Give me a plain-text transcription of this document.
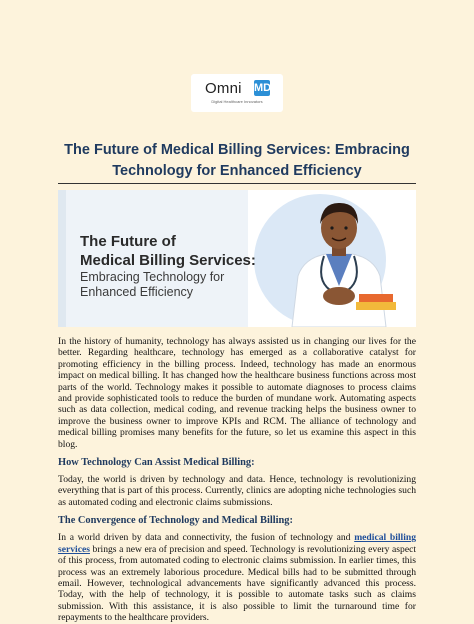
Omni MD
Digital Healthcare Innovators
The Future of Medical Billing Services: Embracing
Technology for Enhanced Efficiency
The Future of
Medical Billing Services:
Embracing Technology for
Enhanced Efficiency

In the history of humanity, technology has always assisted us in changing our lives for the better. Regarding healthcare, technology has emerged as a collaborative catalyst for promoting efficiency in the billing process. Indeed, technology has made an enormous impact on medical billing. It has changed how the healthcare business functions across most parts of the world. Technology makes it possible to automate diagnoses to process claims and provide sophisticated tools to reduce the burden of mundane work. Automating aspects such as data collection, medical coding, and revenue tracking helps the business owner to improve the business owner to improve KPIs and RCM. The alliance of technology and medical billing promises many benefits for the future, so let us examine this aspect in this blog.

How Technology Can Assist Medical Billing:

Today, the world is driven by technology and data. Hence, technology is revolutionizing everything that is part of this process. Currently, clinics are adopting niche technologies such as automated coding and electronic claims submissions.

The Convergence of Technology and Medical Billing:

In a world driven by data and connectivity, the fusion of technology and medical billing services brings a new era of precision and speed. Technology is revolutionizing every aspect of this process, from automated coding to electronic claims submission. In earlier times, this process was an extremely laborious procedure. Medical bills had to be submitted through email. However, technological advancements have significantly advanced this process. Today, with the help of technology, it is possible to automate tasks such as claims submission. With this assistance, it is also possible to limit the turnaround time for repayments to the healthcare providers.
